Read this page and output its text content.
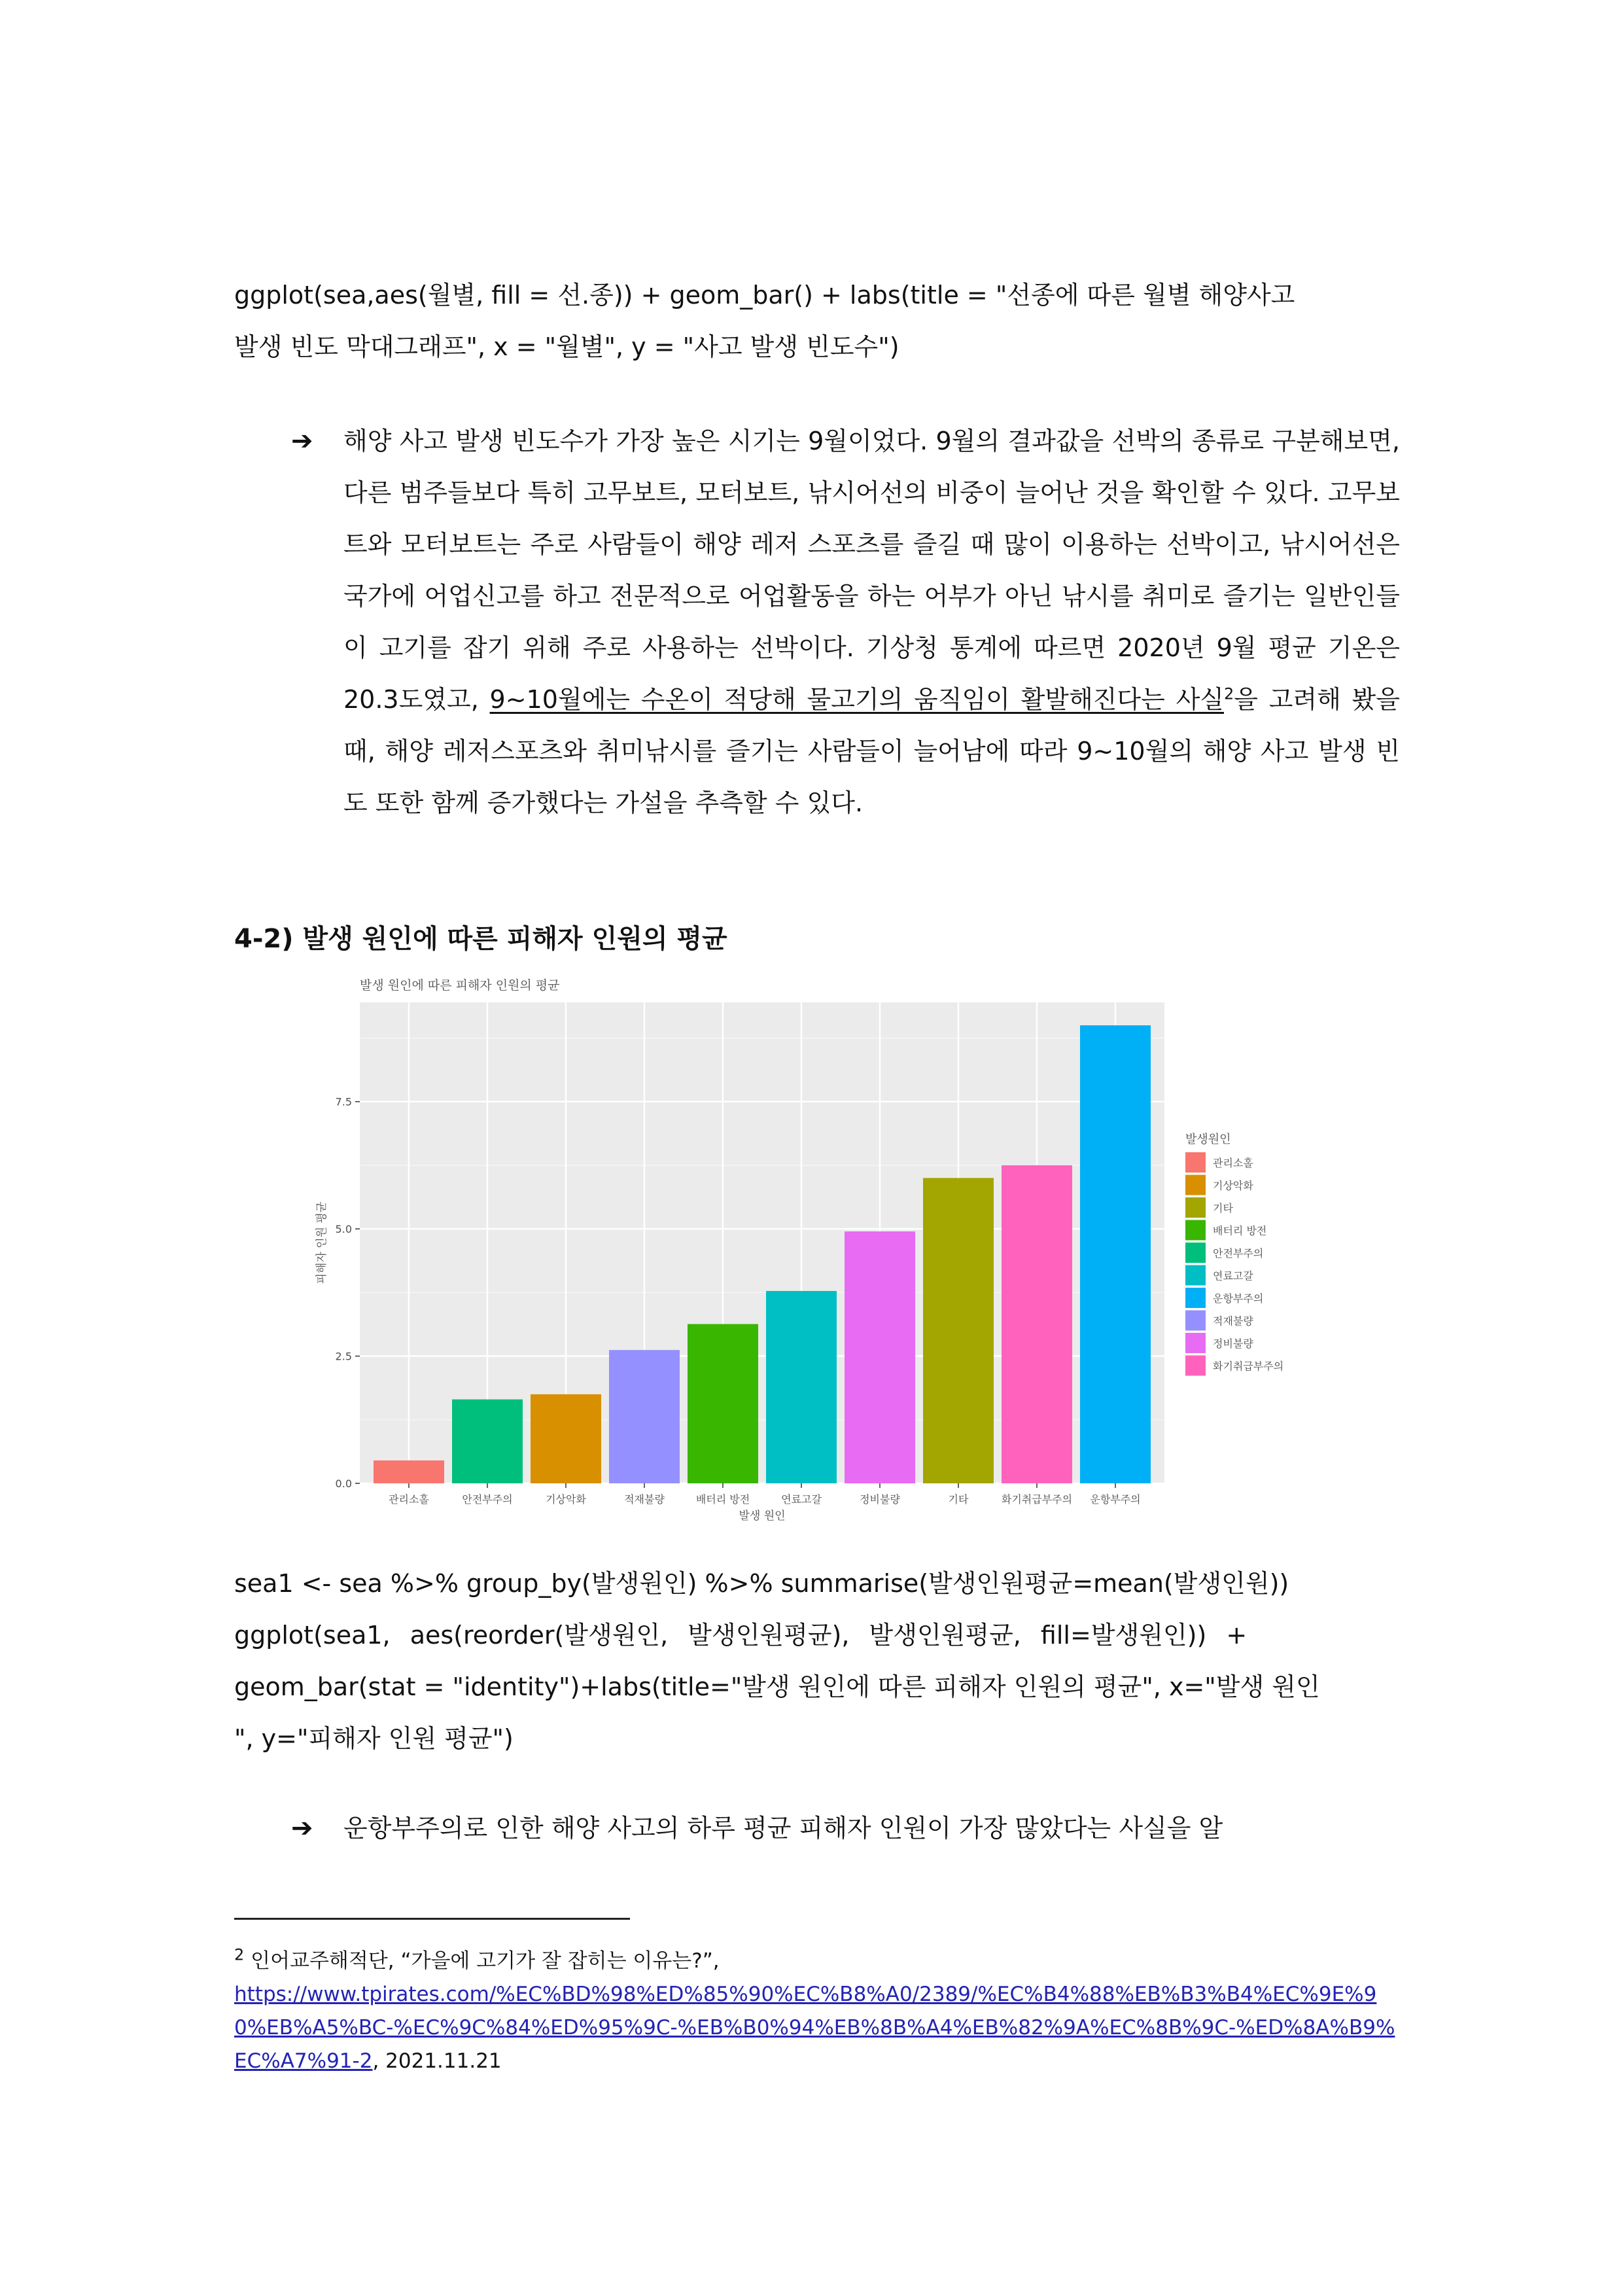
ggplot(sea,aes(월별, fill = 선.종)) + geom_bar() + labs(title = "선종에 따른 월별 해양사고
발생 빈도 막대그래프", x = "월별", y = "사고 발생 빈도수")
➔ 해양 사고 발생 빈도수가 가장 높은 시기는 9월이었다. 9월의 결과값을 선박의 종류로 구분해보면, 다른 범주들보다 특히 고무보트, 모터보트, 낚시어선의 비중이 늘어난 것을 확인할 수 있다. 고무보트와 모터보트는 주로 사람들이 해양 레저 스포츠를 즐길 때 많이 이용하는 선박이고, 낚시어선은 국가에 어업신고를 하고 전문적으로 어업활동을 하는 어부가 아닌 낚시를 취미로 즐기는 일반인들이 고기를 잡기 위해 주로 사용하는 선박이다. 기상청 통계에 따르면 2020년 9월 평균 기온은 20.3도였고, 9~10월에는 수온이 적당해 물고기의 움직임이 활발해진다는 사실$^2$을 고려해 봤을 때, 해양 레저스포츠와 취미낚시를 즐기는 사람들이 늘어남에 따라 9~10월의 해양 사고 발생 빈도 또한 함께 증가했다는 가설을 추측할 수 있다.
4-2) 발생 원인에 따른 피해자 인원의 평균
발생 원인에 따른 피해자 인원의 평균
0.0
2.5
5.0
7.5
관리소홀	안전부주의	기상악화	적재불량	배터리 방전	연료고갈	정비불량	기타	화기취급부주의 운항부주의
발생 원인
피해자 인원 평균
발생원인
관리소홀
기상악화
기타
배터리 방전
안전부주의
연료고갈
운항부주의
적재불량
정비불량
화기취급부주의
sea1 <- sea %>% group_by(발생원인) %>% summarise(발생인원평균=mean(발생인원))
ggplot(sea1, aes(reorder(발생원인, 발생인원평균), 발생인원평균, fill=발생원인)) +
geom_bar(stat = "identity")+labs(title="발생 원인에 따른 피해자 인원의 평균", x="발생 원인
", y="피해자 인원 평균")
➔ 운항부주의로 인한 해양 사고의 하루 평균 피해자 인원이 가장 많았다는 사실을 알
$^2$ 인어교주해적단, “가을에 고기가 잘 잡히는 이유는?”,
https://www.tpirates.com/%EC%BD%98%ED%85%90%EC%B8%A0/2389/%EC%B4%88%EB%B3%B4%EC%9E%90%EB%A5%BC-%EC%9C%84%ED%95%9C-%EB%B0%94%EB%8B%A4%EB%82%9A%EC%8B%9C-%ED%8A%B9%EC%A7%91-2, 2021.11.21
